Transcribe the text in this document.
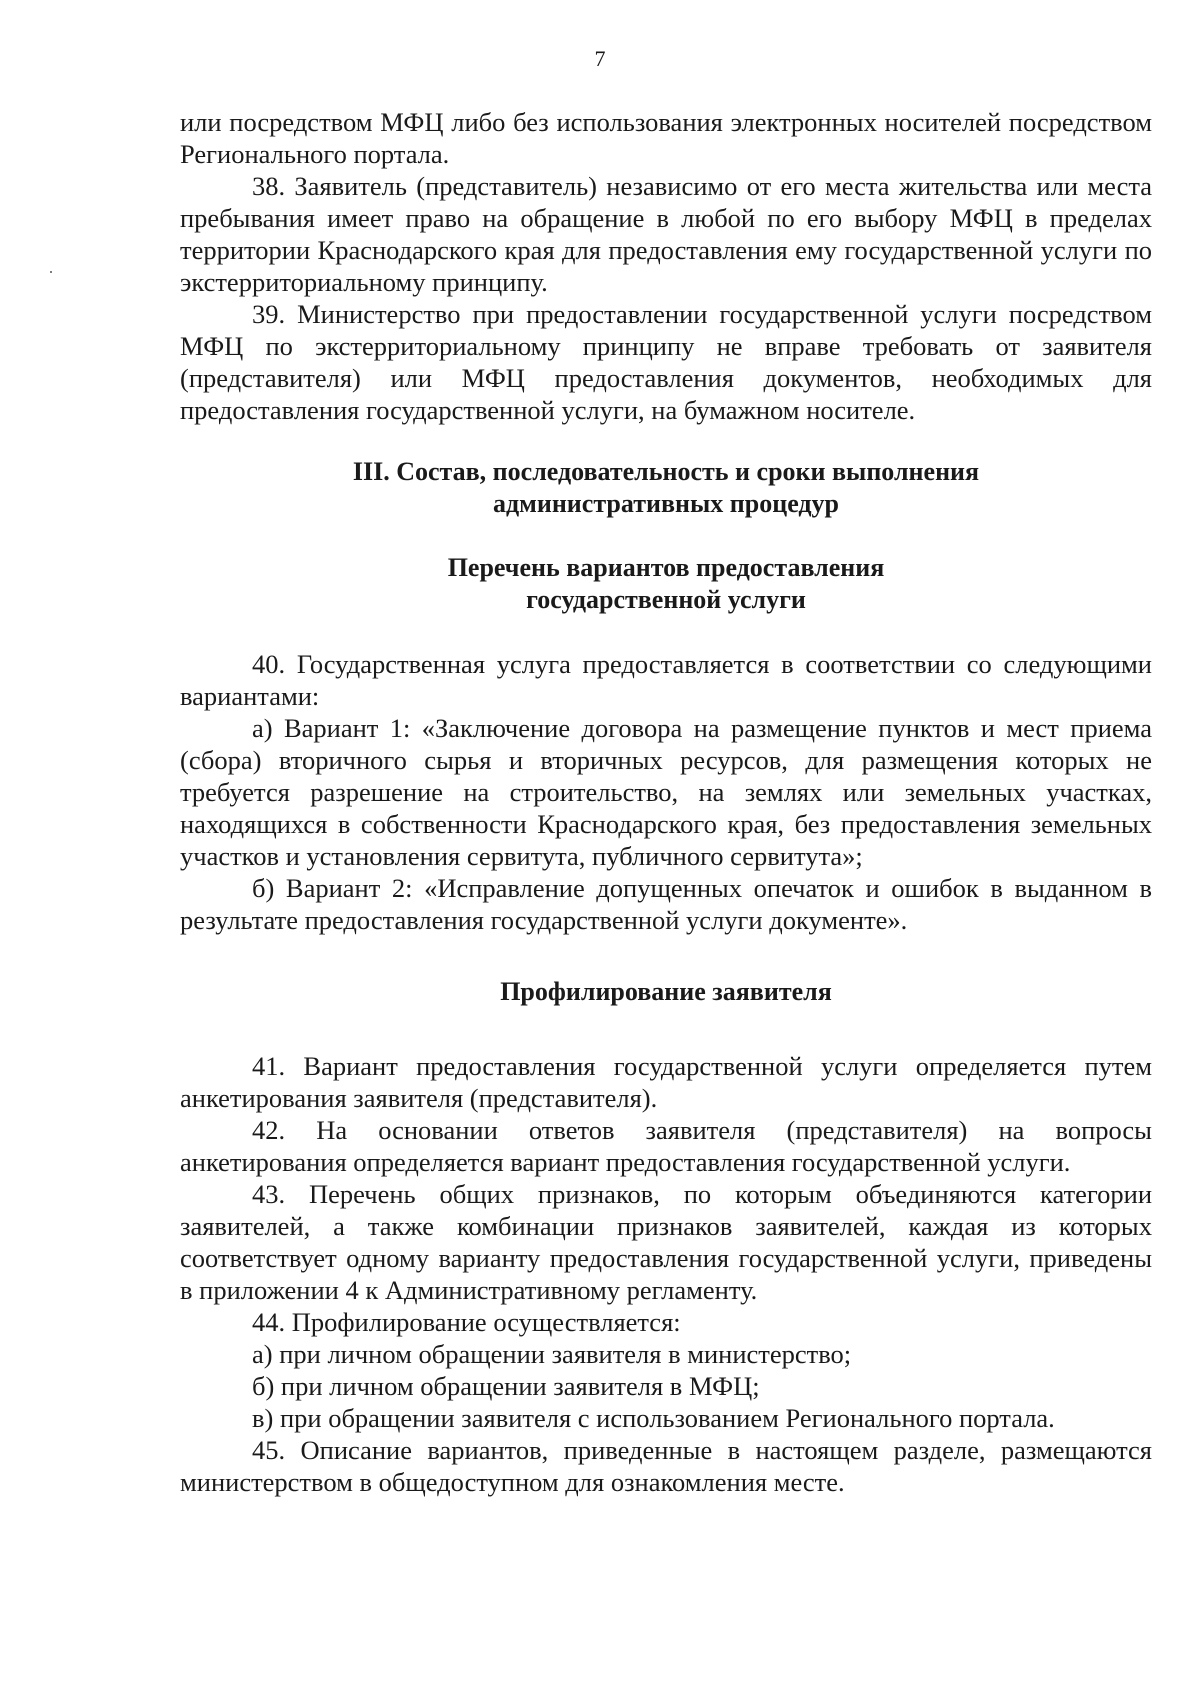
7

или посредством МФЦ либо без использования электронных носителей посредством Регионального портала.

38. Заявитель (представитель) независимо от его места жительства или места пребывания имеет право на обращение в любой по его выбору МФЦ в пределах территории Краснодарского края для предоставления ему государственной услуги по экстерриториальному принципу.

39. Министерство при предоставлении государственной услуги посредством МФЦ по экстерриториальному принципу не вправе требовать от заявителя (представителя) или МФЦ предоставления документов, необходимых для предоставления государственной услуги, на бумажном носителе.

III. Состав, последовательность и сроки выполнения
административных процедур
Перечень вариантов предоставления
государственной услуги

40. Государственная услуга предоставляется в соответствии со следующими вариантами:

а) Вариант 1: «Заключение договора на размещение пунктов и мест приема (сбора) вторичного сырья и вторичных ресурсов, для размещения которых не требуется разрешение на строительство, на землях или земельных участках, находящихся в собственности Краснодарского края, без предоставления земельных участков и установления сервитута, публичного сервитута»;

б) Вариант 2: «Исправление допущенных опечаток и ошибок в выданном в результате предоставления государственной услуги документе».

Профилирование заявителя

41. Вариант предоставления государственной услуги определяется путем анкетирования заявителя (представителя).

42. На основании ответов заявителя (представителя) на вопросы анкетирования определяется вариант предоставления государственной услуги.

43. Перечень общих признаков, по которым объединяются категории заявителей, а также комбинации признаков заявителей, каждая из которых соответствует одному варианту предоставления государственной услуги, приведены в приложении 4 к Административному регламенту.

44. Профилирование осуществляется:

а) при личном обращении заявителя в министерство;

б) при личном обращении заявителя в МФЦ;

в) при обращении заявителя с использованием Регионального портала.

45. Описание вариантов, приведенные в настоящем разделе, размещаются министерством в общедоступном для ознакомления месте.
